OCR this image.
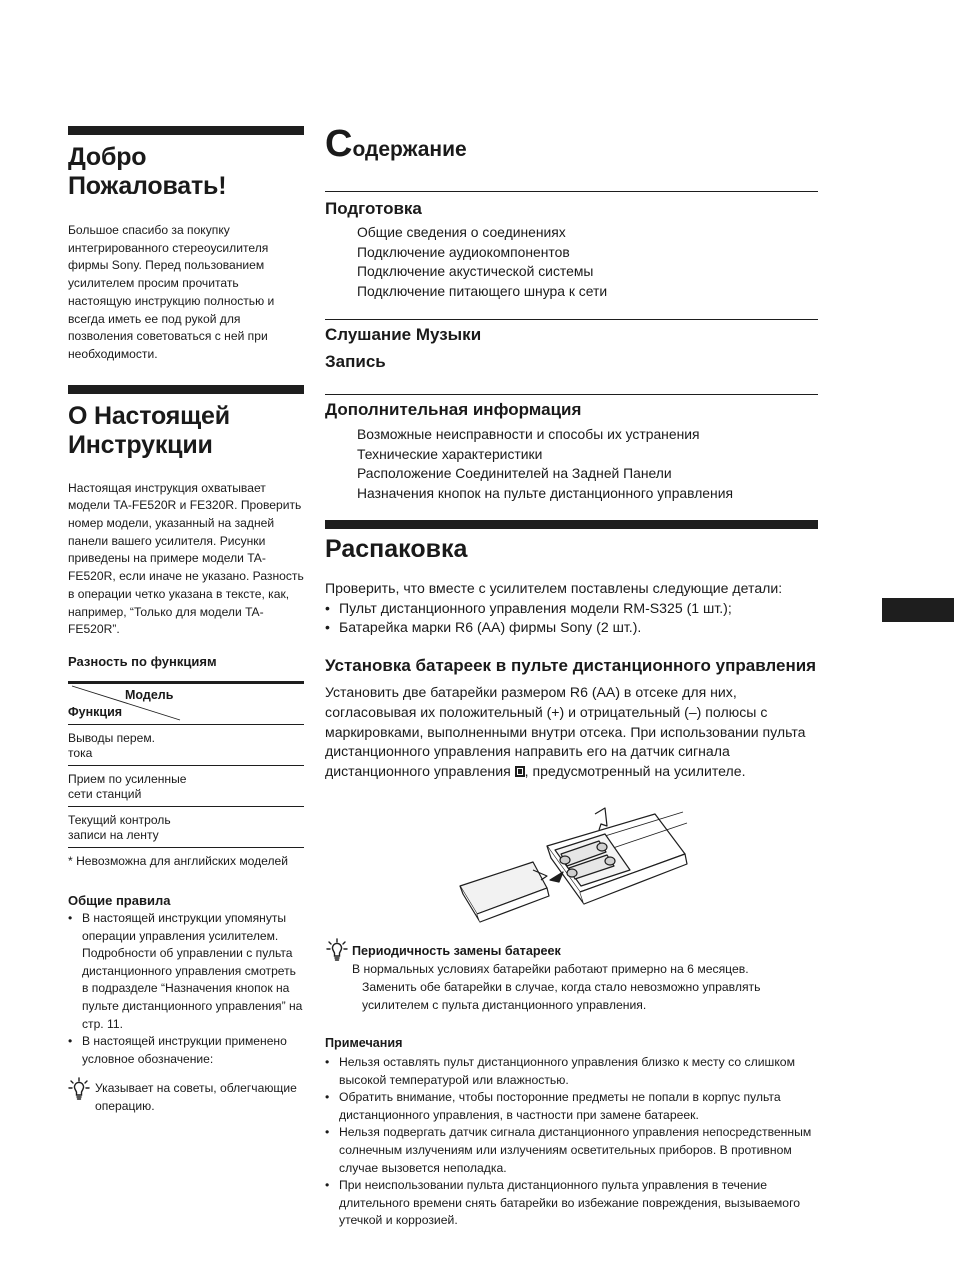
Добро
Пожаловать!
Большое спасибо за покупку интегрированного стереоусилителя фирмы Sony. Перед пользованием усилителем просим прочитать настоящую инструкцию полностью и всегда иметь ее под рукой для позволения советоваться с ней при необходимости.
О Настоящей
Инструкции
Настоящая инструкция охватывает модели TA-FE520R и FE320R. Проверить номер модели, указанный на задней панели вашего усилителя. Рисунки приведены на примере модели TA-FE520R, если иначе не указано. Разность в операции четко указана в тексте, как, например, “Только для модели TA-FE520R”.
Разность по функциям
Модель
Функция
Выводы перем.
тока
Прием по усиленные
сети станций
Текущий контроль
записи на ленту
* Невозможна для английских моделей
Общие правила
• В настоящей инструкции упомянуты операции управления усилителем. Подробности об управлении с пульта дистанционного управления смотреть в подразделе “Назначения кнопок на пульте дистанционного управления” на стр. 11.
• В настоящей инструкции применено условное обозначение:
Указывает на советы, облегчающие операцию.
Содержание
Подготовка
Общие сведения о соединениях
Подключение аудиокомпонентов
Подключение акустической системы
Подключение питающего шнура к сети
Слушание Музыки
Запись
Дополнительная информация
Возможные неисправности и способы их устранения
Технические характеристики
Расположение Соединителей на Задней Панели
Назначения кнопок на пульте дистанционного управления
Распаковка
Проверить, что вместе с усилителем поставлены следующие детали:
• Пульт дистанционного управления модели RM-S325 (1 шт.);
• Батарейка марки R6 (AA) фирмы Sony (2 шт.).
Установка батареек в пульте дистанционного управления
Установить две батарейки размером R6 (AA) в отсеке для них, согласовывая их положительный (+) и отрицательный (–) полюсы с маркировками, выполненными внутри отсека. При использовании пульта дистанционного управления направить его на датчик сигнала дистанционного управления
, предусмотренный на усилителе.
Периодичность замены батареек
В нормальных условиях батарейки работают примерно на 6 месяцев. Заменить обе батарейки в случае, когда стало невозможно управлять усилителем с пульта дистанционного управления.
Примечания
• Нельзя оставлять пульт дистанционного управления близко к месту со слишком высокой температурой или влажностью.
• Обратить внимание, чтобы посторонние предметы не попали в корпус пульта дистанционного управления, в частности при замене батареек.
• Нельзя подвергать датчик сигнала дистанционного управления непосредственным солнечным излучениям или излучениям осветительных приборов. В противном случае вызовется неполадка.
• При неиспользовании пульта дистанционного пульта управления в течение длительного времени снять батарейки во избежание повреждения, вызываемого утечкой и коррозией.
